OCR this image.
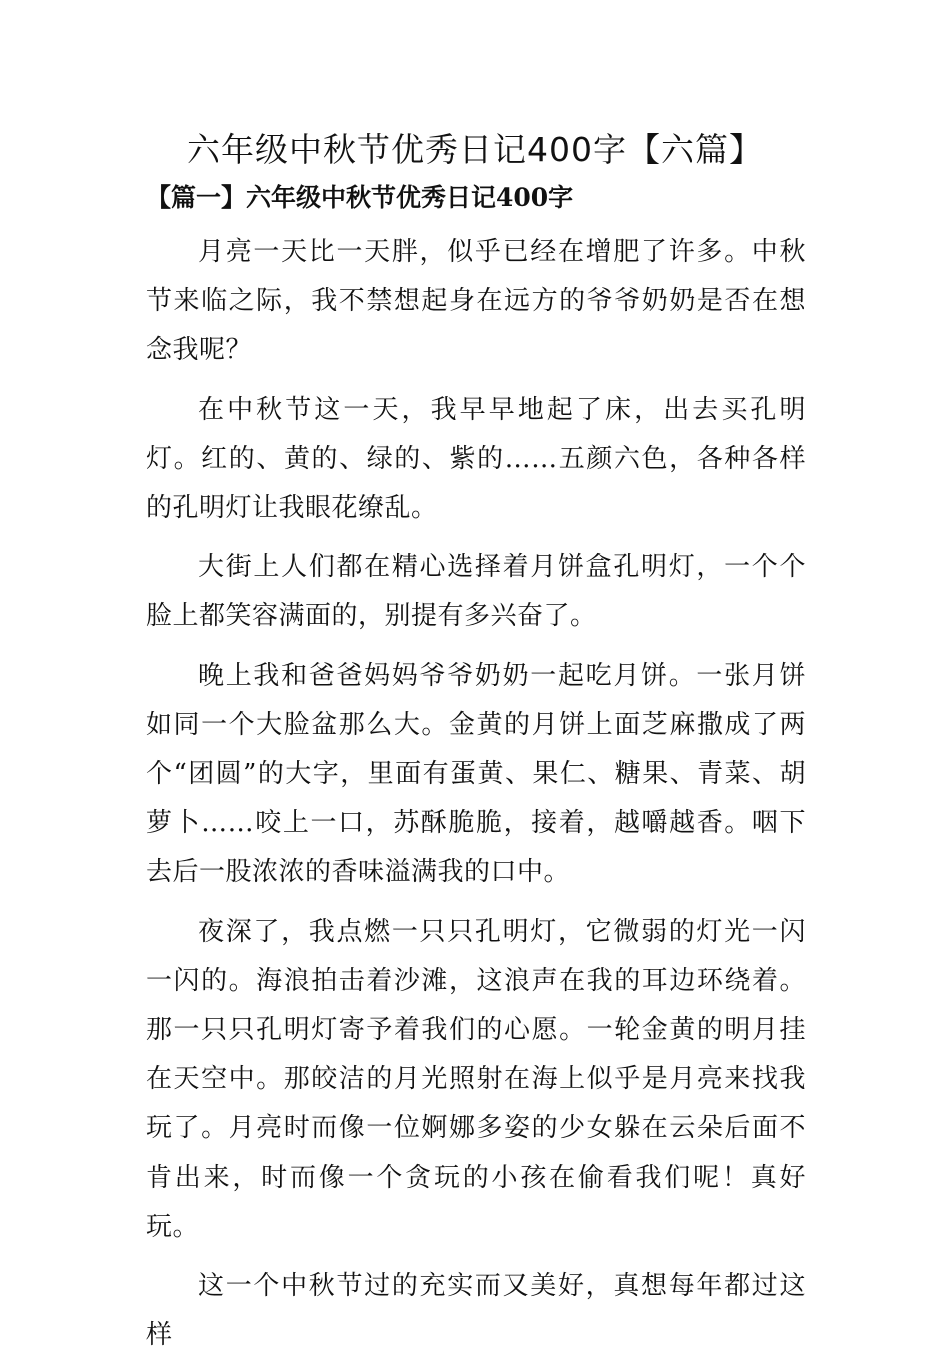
六年级中秋节优秀日记400字【六篇】
【篇一】六年级中秋节优秀日记400字

月亮一天比一天胖，似乎已经在增肥了许多。中秋节来临之际，我不禁想起身在远方的爷爷奶奶是否在想念我呢？

在中秋节这一天，我早早地起了床，出去买孔明灯。红的、黄的、绿的、紫的……五颜六色，各种各样的孔明灯让我眼花缭乱。

大街上人们都在精心选择着月饼盒孔明灯，一个个脸上都笑容满面的，别提有多兴奋了。

晚上我和爸爸妈妈爷爷奶奶一起吃月饼。一张月饼如同一个大脸盆那么大。金黄的月饼上面芝麻撒成了两个“团圆”的大字，里面有蛋黄、果仁、糖果、青菜、胡萝卜……咬上一口，苏酥脆脆，接着，越嚼越香。咽下去后一股浓浓的香味溢满我的口中。

夜深了，我点燃一只只孔明灯，它微弱的灯光一闪一闪的。海浪拍击着沙滩，这浪声在我的耳边环绕着。那一只只孔明灯寄予着我们的心愿。一轮金黄的明月挂在天空中。那皎洁的月光照射在海上似乎是月亮来找我玩了。月亮时而像一位婀娜多姿的少女躲在云朵后面不肯出来，时而像一个贪玩的小孩在偷看我们呢！真好玩。

这一个中秋节过的充实而又美好，真想每年都过这样
